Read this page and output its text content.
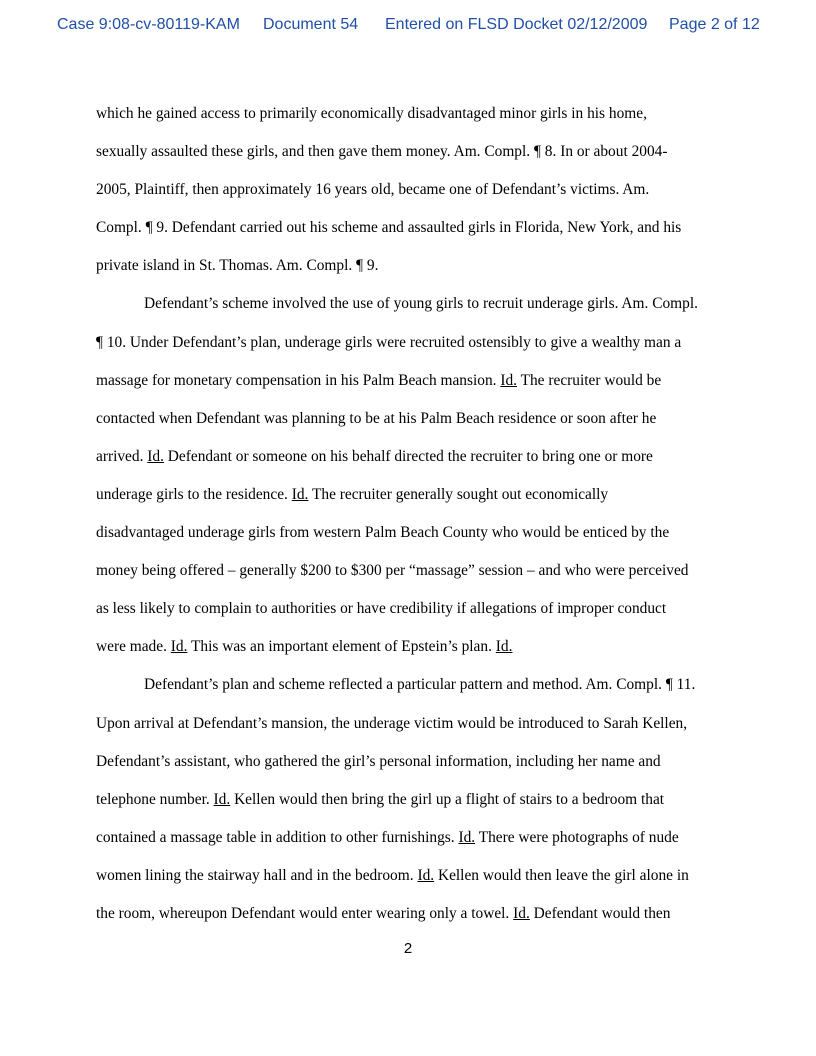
Case 9:08-cv-80119-KAM Document 54 Entered on FLSD Docket 02/12/2009 Page 2 of 12
which he gained access to primarily economically disadvantaged minor girls in his home,
sexually assaulted these girls, and then gave them money. Am. Compl. ¶ 8. In or about 2004-
2005, Plaintiff, then approximately 16 years old, became one of Defendant’s victims. Am.
Compl. ¶ 9. Defendant carried out his scheme and assaulted girls in Florida, New York, and his
private island in St. Thomas. Am. Compl. ¶ 9.
Defendant’s scheme involved the use of young girls to recruit underage girls. Am. Compl.
¶ 10. Under Defendant’s plan, underage girls were recruited ostensibly to give a wealthy man a
massage for monetary compensation in his Palm Beach mansion. Id. The recruiter would be
contacted when Defendant was planning to be at his Palm Beach residence or soon after he
arrived. Id. Defendant or someone on his behalf directed the recruiter to bring one or more
underage girls to the residence. Id. The recruiter generally sought out economically
disadvantaged underage girls from western Palm Beach County who would be enticed by the
money being offered – generally $200 to $300 per “massage” session – and who were perceived
as less likely to complain to authorities or have credibility if allegations of improper conduct
were made. Id. This was an important element of Epstein’s plan. Id.
Defendant’s plan and scheme reflected a particular pattern and method. Am. Compl. ¶ 11.
Upon arrival at Defendant’s mansion, the underage victim would be introduced to Sarah Kellen,
Defendant’s assistant, who gathered the girl’s personal information, including her name and
telephone number. Id. Kellen would then bring the girl up a flight of stairs to a bedroom that
contained a massage table in addition to other furnishings. Id. There were photographs of nude
women lining the stairway hall and in the bedroom. Id. Kellen would then leave the girl alone in
the room, whereupon Defendant would enter wearing only a towel. Id. Defendant would then
2
